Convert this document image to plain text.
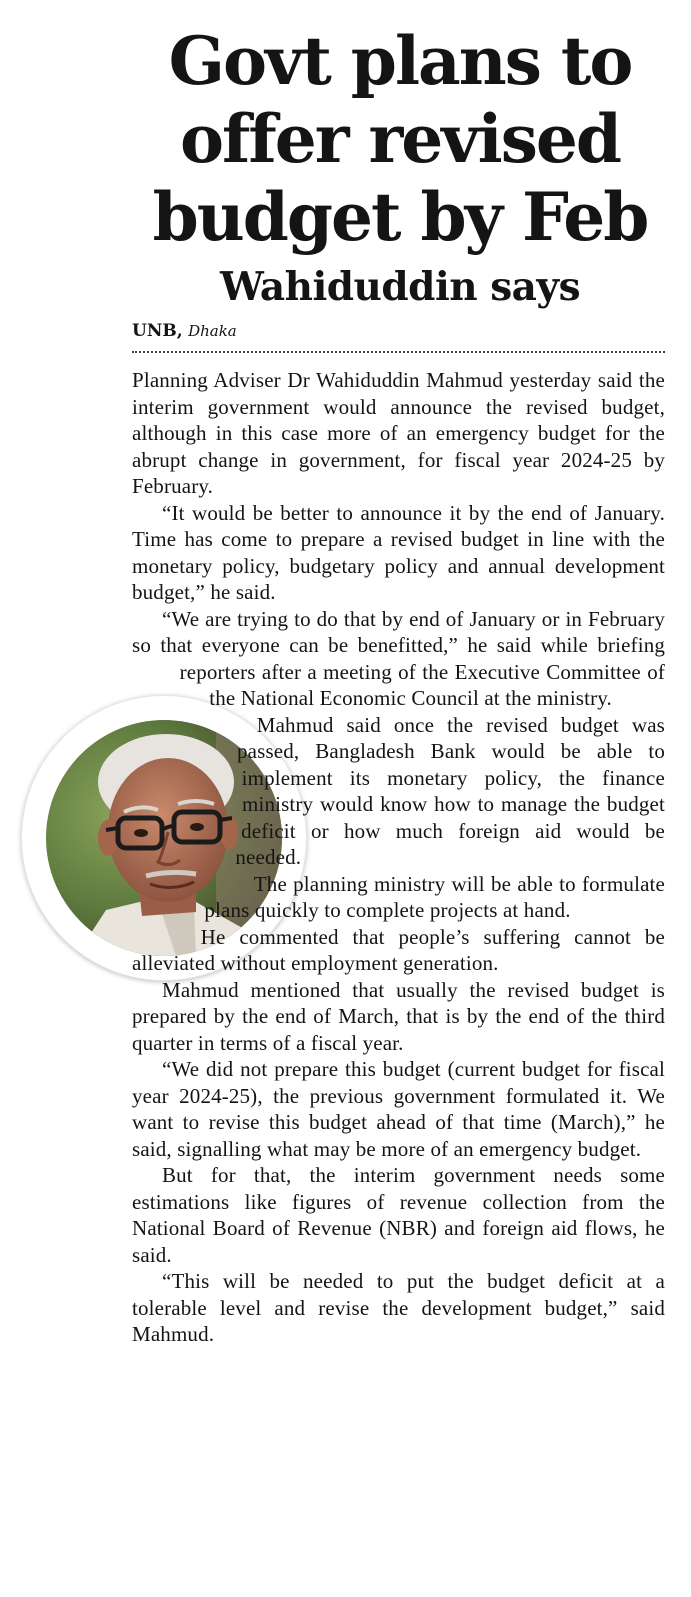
Govt plans to offer revised budget by Feb
Wahiduddin says
UNB, Dhaka

Planning Adviser Dr Wahiduddin Mahmud yesterday said the interim government would announce the revised budget, although in this case more of an emergency budget for the abrupt change in government, for fiscal year 2024-25 by February.

“It would be better to announce it by the end of January. Time has come to prepare a revised budget in line with the monetary policy, budgetary policy and annual development budget,” he said.

“We are trying to do that by end of January or in February so that everyone can be benefitted,” he said while briefing reporters after a meeting of the Executive Committee of the National Economic Council at the ministry.

Mahmud said once the revised budget was passed, Bangladesh Bank would be able to implement its monetary policy, the finance ministry would know how to manage the budget deficit or how much foreign aid would be needed.

The planning ministry will be able to formulate plans quickly to complete projects at hand.

He commented that people’s suffering cannot be alleviated without employment generation.

Mahmud mentioned that usually the revised budget is prepared by the end of March, that is by the end of the third quarter in terms of a fiscal year.

“We did not prepare this budget (current budget for fiscal year 2024-25), the previous government formulated it. We want to revise this budget ahead of that time (March),” he said, signalling what may be more of an emergency budget.

But for that, the interim government needs some estimations like figures of revenue collection from the National Board of Revenue (NBR) and foreign aid flows, he said.

“This will be needed to put the budget deficit at a tolerable level and revise the development budget,” said Mahmud.
